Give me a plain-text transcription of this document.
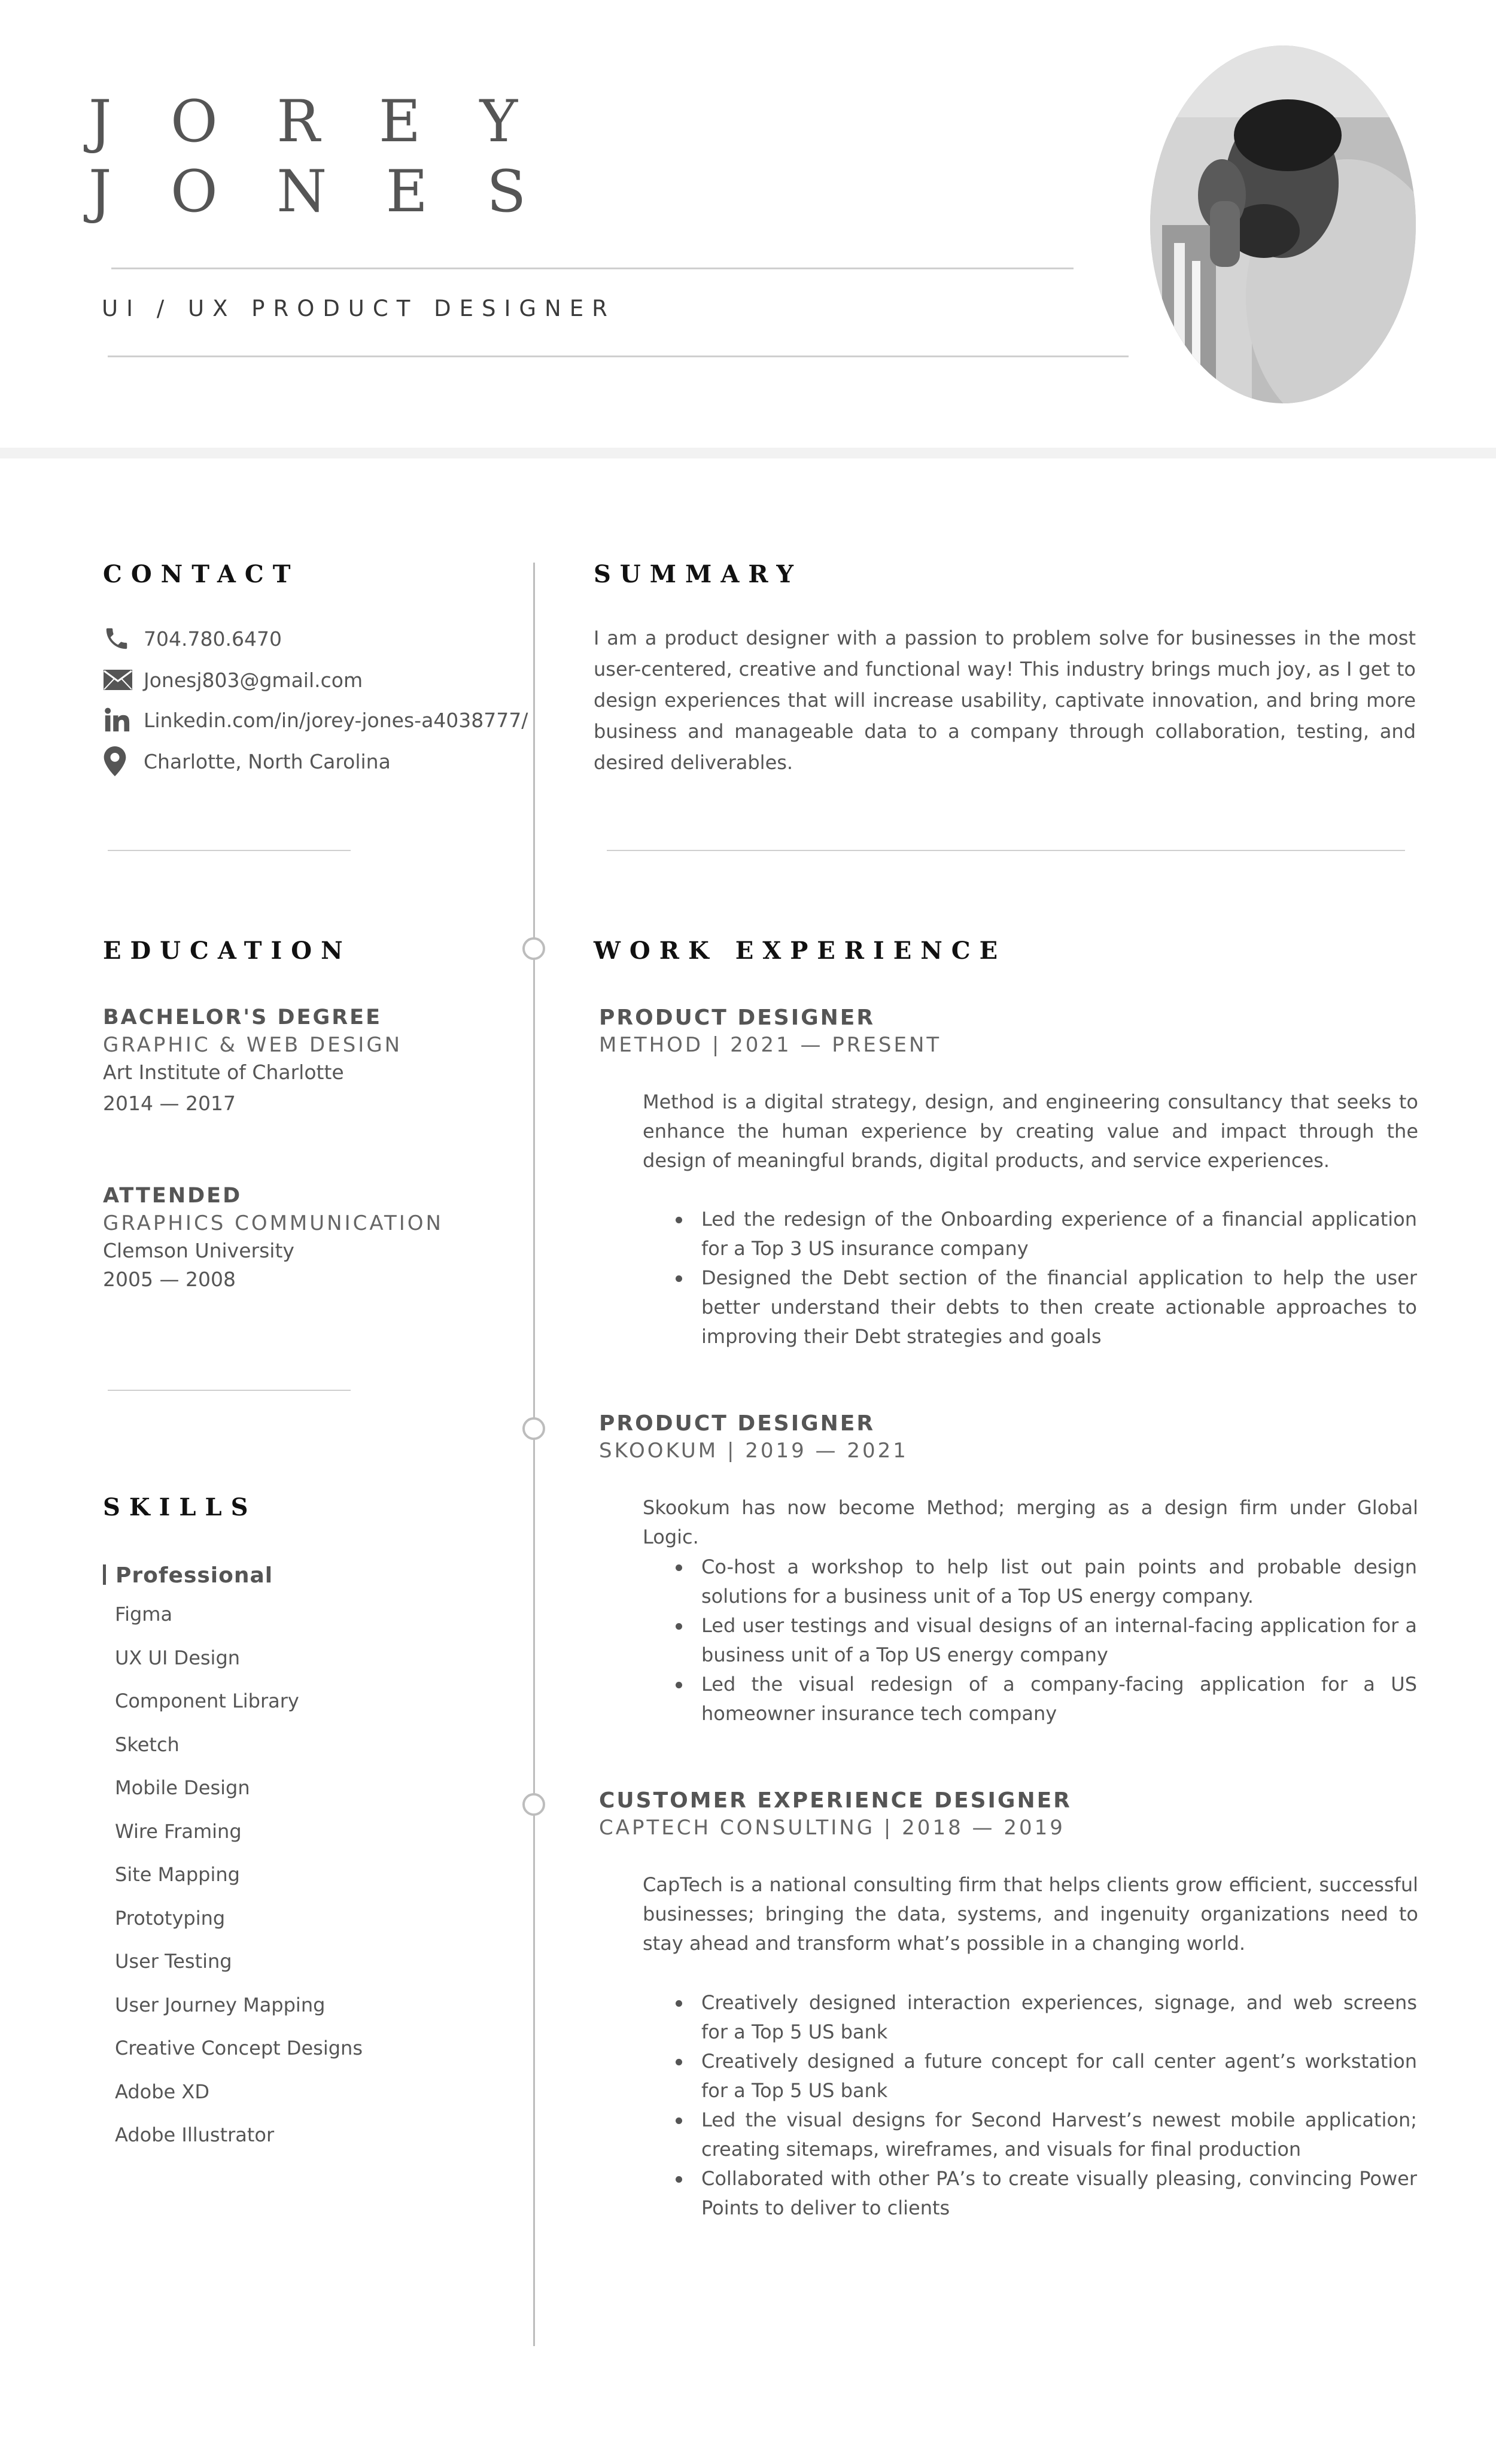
J O R E Y
J O N E S
UI / UX PRODUCT DESIGNER
CONTACT
704.780.6470
Jonesj803@gmail.com
Linkedin.com/in/jorey-jones-a4038777/
Charlotte, North Carolina
SUMMARY
I am a product designer with a passion to problem solve for businesses in the most user-centered, creative and functional way! This industry brings much joy, as I get to design experiences that will increase usability, captivate innovation, and bring more business and manageable data to a company through collaboration, testing, and desired deliverables.
EDUCATION
BACHELOR'S DEGREE
GRAPHIC & WEB DESIGN
Art Institute of Charlotte
2014 — 2017
ATTENDED
GRAPHICS COMMUNICATION
Clemson University
2005 — 2008
SKILLS
Professional
Figma
UX UI Design
Component Library
Sketch
Mobile Design
Wire Framing
Site Mapping
Prototyping
User Testing
User Journey Mapping
Creative Concept Designs
Adobe XD
Adobe Illustrator
WORK EXPERIENCE
PRODUCT DESIGNER
METHOD | 2021 — PRESENT
Method is a digital strategy, design, and engineering consultancy that seeks to enhance the human experience by creating value and impact through the design of meaningful brands, digital products, and service experiences.
Led the redesign of the Onboarding experience of a financial application for a Top 3 US insurance company
Designed the Debt section of the financial application to help the user better understand their debts to then create actionable approaches to improving their Debt strategies and goals
PRODUCT DESIGNER
SKOOKUM | 2019 — 2021
Skookum has now become Method; merging as a design firm under Global Logic.
Co-host a workshop to help list out pain points and probable design solutions for a business unit of a Top US energy company.
Led user testings and visual designs of an internal-facing application for a business unit of a Top US energy company
Led the visual redesign of a company-facing application for a US homeowner insurance tech company
CUSTOMER EXPERIENCE DESIGNER
CAPTECH CONSULTING | 2018 — 2019
CapTech is a national consulting firm that helps clients grow efficient, successful businesses; bringing the data, systems, and ingenuity organizations need to stay ahead and transform what’s possible in a changing world.
Creatively designed interaction experiences, signage, and web screens for a Top 5 US bank
Creatively designed a future concept for call center agent’s workstation for a Top 5 US bank
Led the visual designs for Second Harvest’s newest mobile application; creating sitemaps, wireframes, and visuals for final production
Collaborated with other PA’s to create visually pleasing, convincing Power Points to deliver to clients
